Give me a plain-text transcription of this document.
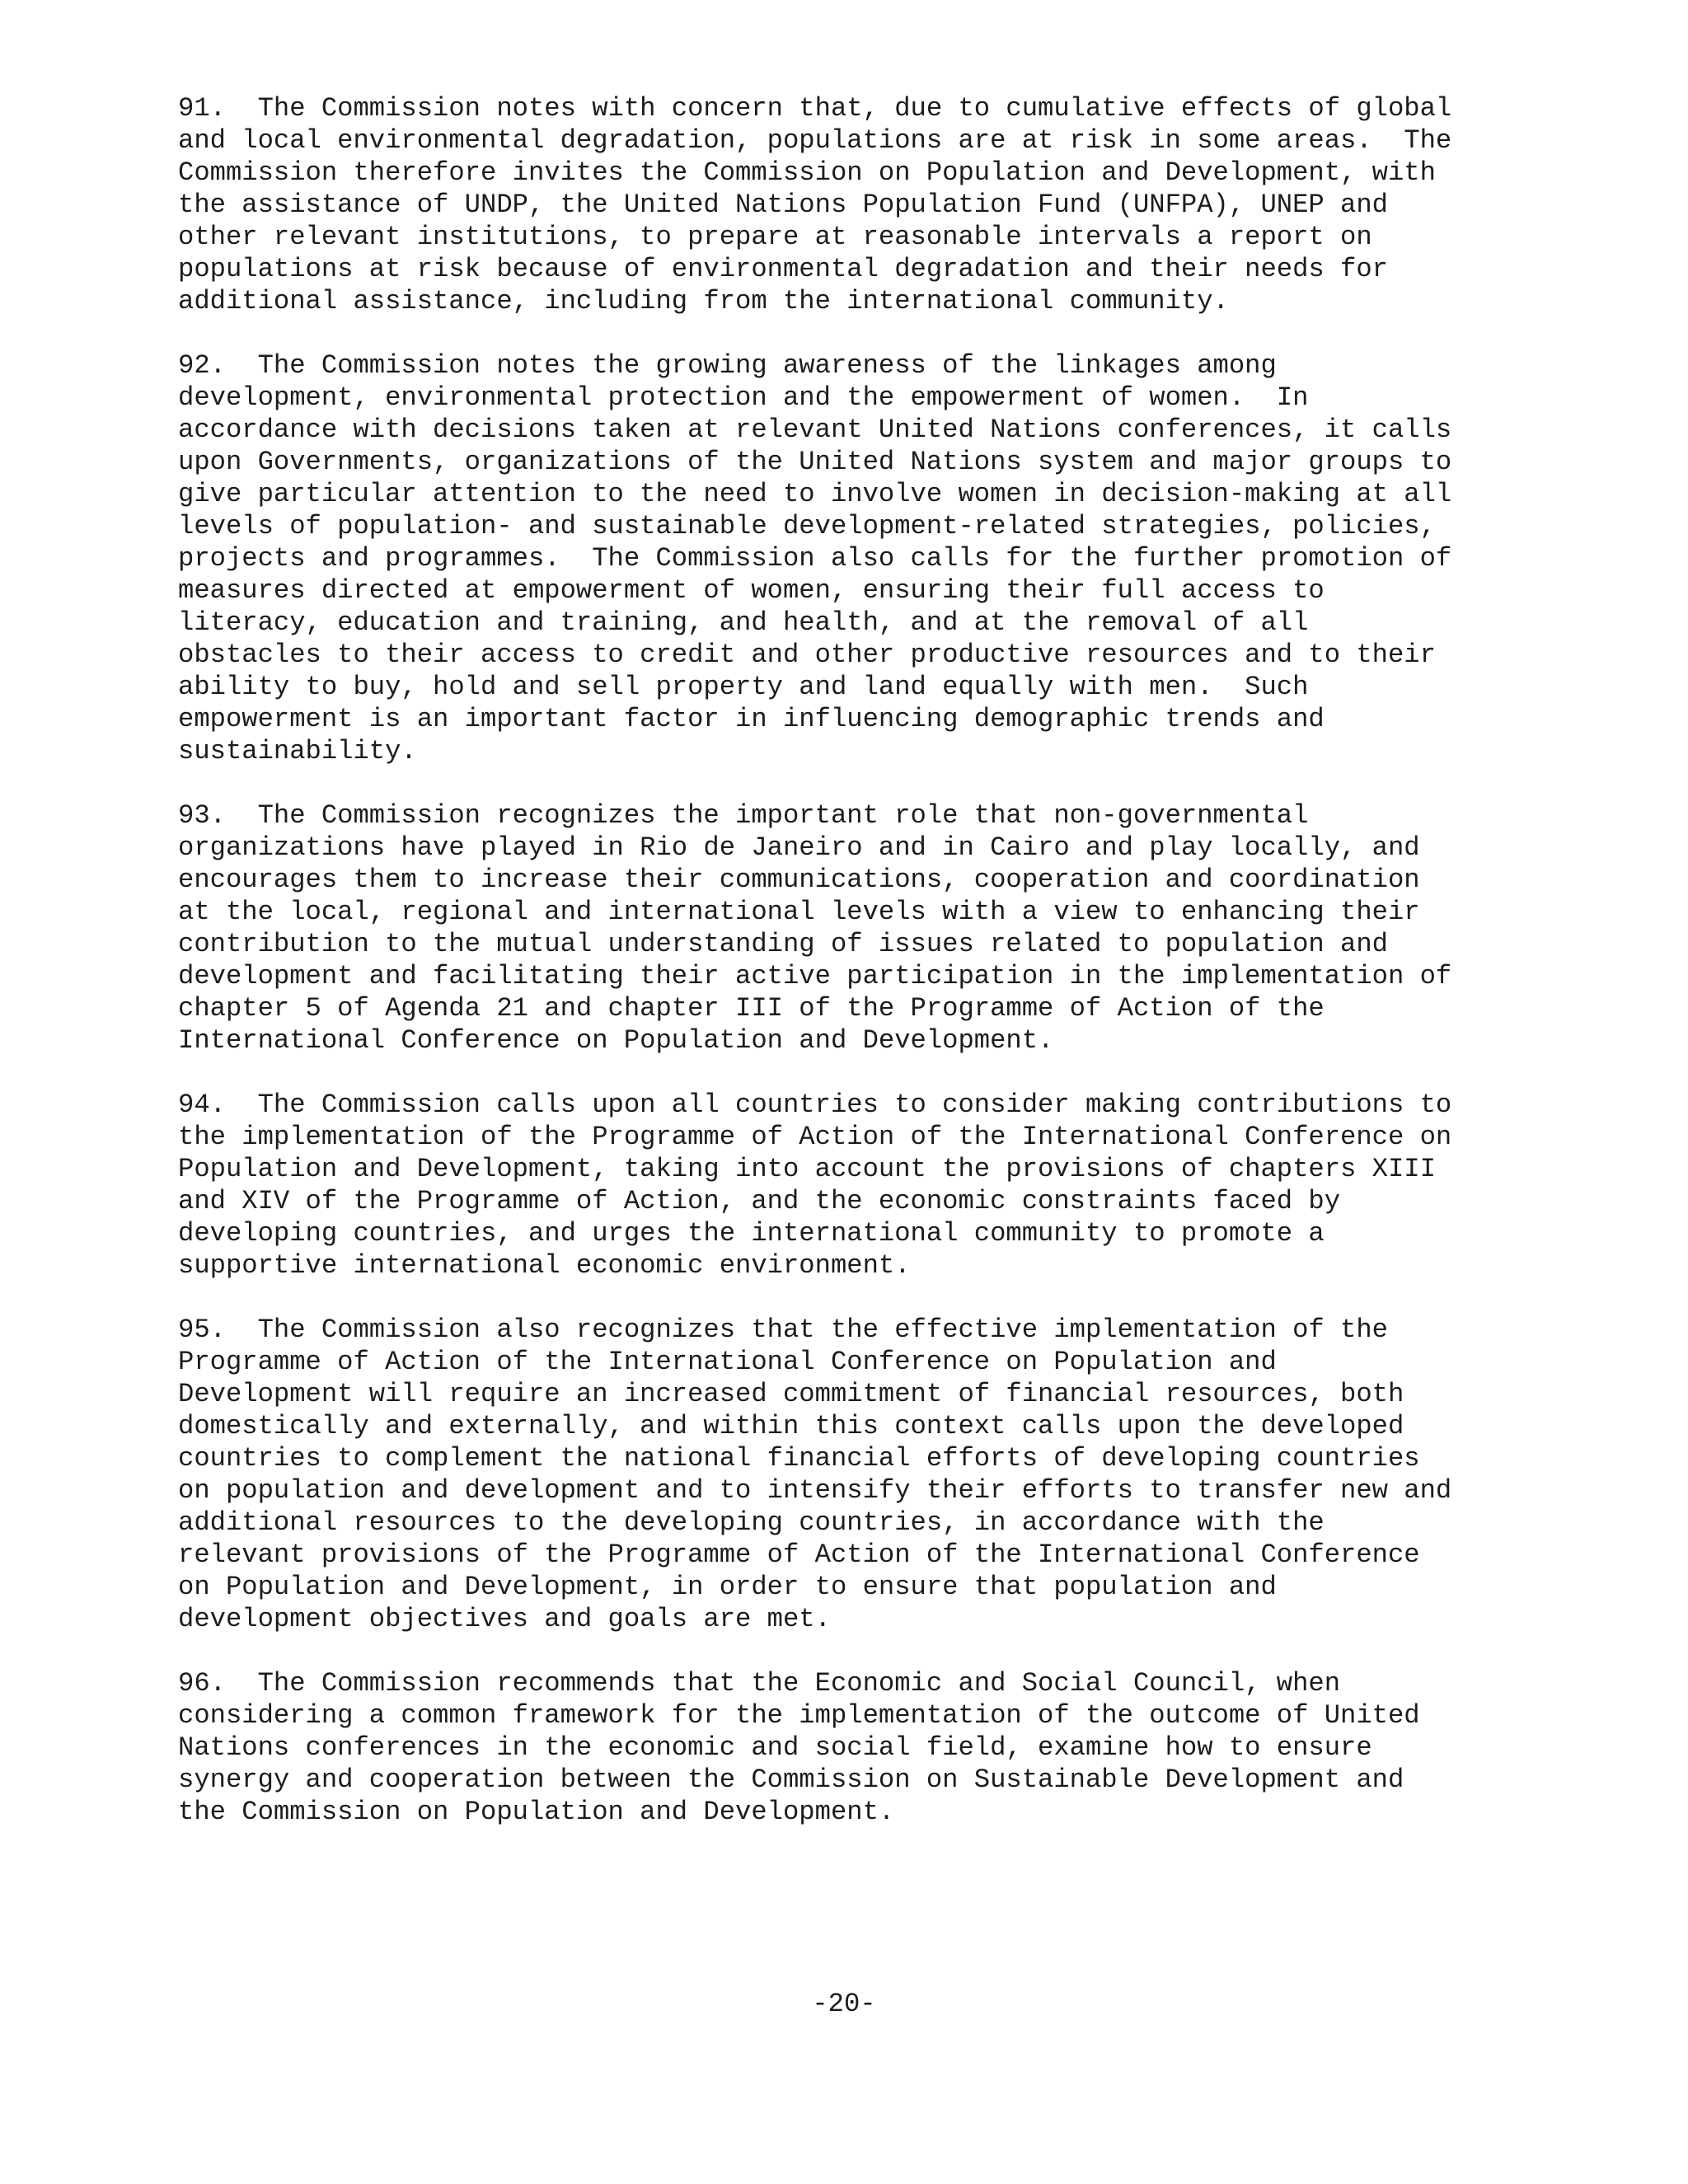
91.  The Commission notes with concern that, due to cumulative effects of global
and local environmental degradation, populations are at risk in some areas.  The
Commission therefore invites the Commission on Population and Development, with
the assistance of UNDP, the United Nations Population Fund (UNFPA), UNEP and
other relevant institutions, to prepare at reasonable intervals a report on
populations at risk because of environmental degradation and their needs for
additional assistance, including from the international community.

92.  The Commission notes the growing awareness of the linkages among
development, environmental protection and the empowerment of women.  In
accordance with decisions taken at relevant United Nations conferences, it calls
upon Governments, organizations of the United Nations system and major groups to
give particular attention to the need to involve women in decision-making at all
levels of population- and sustainable development-related strategies, policies,
projects and programmes.  The Commission also calls for the further promotion of
measures directed at empowerment of women, ensuring their full access to
literacy, education and training, and health, and at the removal of all
obstacles to their access to credit and other productive resources and to their
ability to buy, hold and sell property and land equally with men.  Such
empowerment is an important factor in influencing demographic trends and
sustainability.

93.  The Commission recognizes the important role that non-governmental
organizations have played in Rio de Janeiro and in Cairo and play locally, and
encourages them to increase their communications, cooperation and coordination
at the local, regional and international levels with a view to enhancing their
contribution to the mutual understanding of issues related to population and
development and facilitating their active participation in the implementation of
chapter 5 of Agenda 21 and chapter III of the Programme of Action of the
International Conference on Population and Development.

94.  The Commission calls upon all countries to consider making contributions to
the implementation of the Programme of Action of the International Conference on
Population and Development, taking into account the provisions of chapters XIII
and XIV of the Programme of Action, and the economic constraints faced by
developing countries, and urges the international community to promote a
supportive international economic environment.

95.  The Commission also recognizes that the effective implementation of the
Programme of Action of the International Conference on Population and
Development will require an increased commitment of financial resources, both
domestically and externally, and within this context calls upon the developed
countries to complement the national financial efforts of developing countries
on population and development and to intensify their efforts to transfer new and
additional resources to the developing countries, in accordance with the
relevant provisions of the Programme of Action of the International Conference
on Population and Development, in order to ensure that population and
development objectives and goals are met.

96.  The Commission recommends that the Economic and Social Council, when
considering a common framework for the implementation of the outcome of United
Nations conferences in the economic and social field, examine how to ensure
synergy and cooperation between the Commission on Sustainable Development and
the Commission on Population and Development.

-20-
